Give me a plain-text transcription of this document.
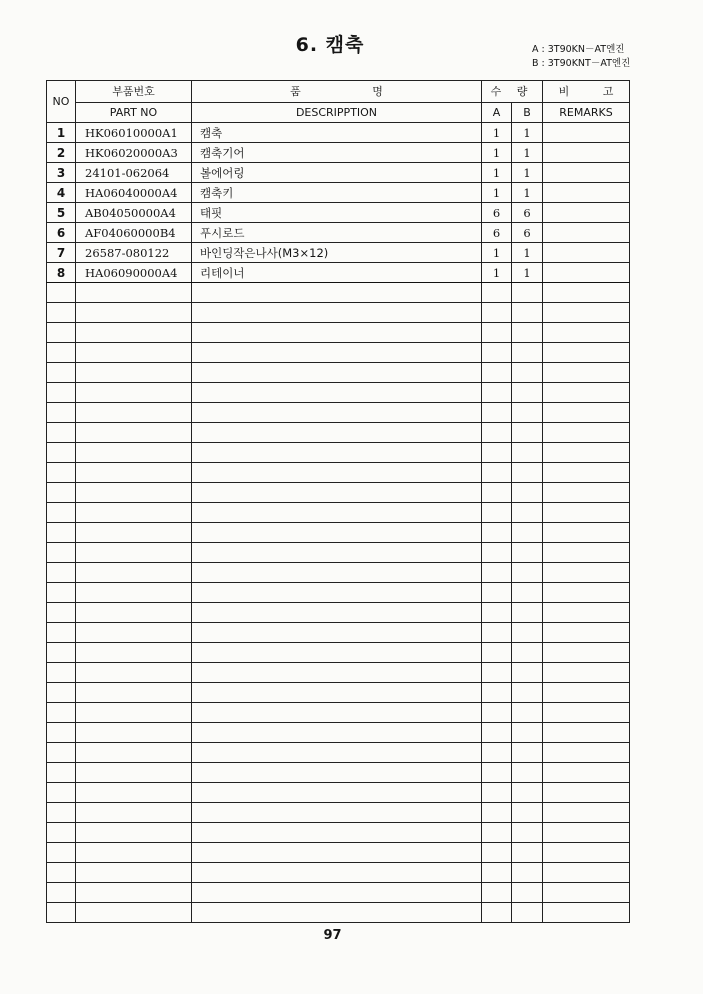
6. 캠축	A : 3T90KN－AT엔진
B : 3T90KNT－AT엔진
NO	부품번호	품 명	수 량		비 고
	PART NO	DESCRIPPTION	A	B	REMARKS
1	HK06010000A1	캠축	1	1	
2	HK06020000A3	캠축기어	1	1	
3	24101-062064	볼에어링	1	1	
4	HA06040000A4	캠축키	1	1	
5	AB04050000A4	태핏	6	6	
6	AF04060000B4	푸시로드	6	6	
7	26587-080122	바인딩작은나사(M3×12)	1	1	
8	HA06090000A4	리테이너	1	1	

97
